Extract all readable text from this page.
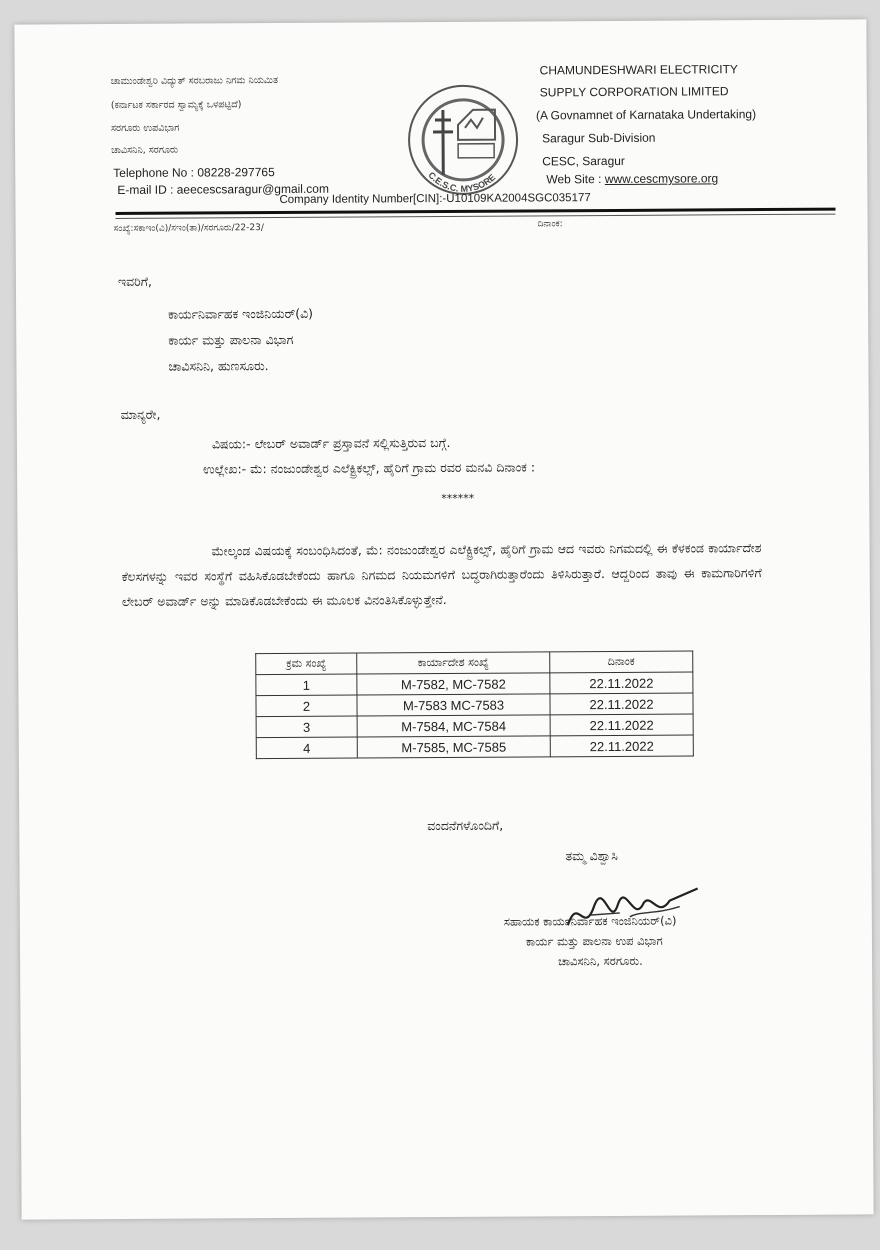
ಚಾಮುಂಡೇಶ್ವರಿ ವಿದ್ಯುತ್ ಸರಬರಾಜು ನಿಗಮ ನಿಯಮಿತ
(ಕರ್ನಾಟಕ ಸರ್ಕಾರದ ಸ್ವಾಮ್ಯಕ್ಕೆ ಒಳಪಟ್ಟಿದೆ)
ಸರಗೂರು ಉಪವಿಭಾಗ
ಚಾವಿಸನಿನಿ, ಸರಗೂರು
Telephone No : 08228-297765
E-mail ID : aeecescsaragur@gmail.com
C.E.S.C. MYSORE
CHAMUNDESHWARI ELECTRICITY
SUPPLY CORPORATION LIMITED
(A Govnamnet of Karnataka Undertaking)
Saragur Sub-Division
CESC, Saragur
Web Site : www.cescmysore.org
Company Identity Number[CIN]:-U10109KA2004SGC035177
ಸಂಖ್ಯೆ:ಸಕಾಇಂ(ವಿ)/ಸಇಂ(ತಾ)/ಸರಗೂರು/22-23/	ದಿನಾಂಕ:
ಇವರಿಗೆ,
ಕಾರ್ಯನಿರ್ವಾಹಕ ಇಂಜಿನಿಯರ್(ವಿ)
ಕಾರ್ಯ ಮತ್ತು ಪಾಲನಾ ವಿಭಾಗ
ಚಾವಿಸನಿನಿ, ಹುಣಸೂರು.
ಮಾನ್ಯರೇ,
ವಿಷಯ:- ಲೇಬರ್ ಅವಾರ್ಡ್ ಪ್ರಸ್ತಾವನೆ ಸಲ್ಲಿಸುತ್ತಿರುವ ಬಗ್ಗೆ.
ಉಲ್ಲೇಖ:- ಮೆ: ನಂಜುಂಡೇಶ್ವರ ಎಲೆಕ್ಟ್ರಿಕಲ್ಸ್, ಹೈರಿಗೆ ಗ್ರಾಮ ರವರ ಮನವಿ ದಿನಾಂಕ :
******
ಮೇಲ್ಕಂಡ ವಿಷಯಕ್ಕೆ ಸಂಬಂಧಿಸಿದಂತೆ, ಮೆ: ನಂಜುಂಡೇಶ್ವರ ಎಲೆಕ್ಟ್ರಿಕಲ್ಸ್, ಹೈರಿಗೆ ಗ್ರಾಮ ಆದ ಇವರು ನಿಗಮದಲ್ಲಿ ಈ ಕೆಳಕಂಡ ಕಾರ್ಯಾದೇಶ ಕೆಲಸಗಳನ್ನು ಇವರ ಸಂಸ್ಥೆಗೆ ವಹಿಸಿಕೊಡಬೇಕೆಂದು ಹಾಗೂ ನಿಗಮದ ನಿಯಮಗಳಿಗೆ ಬದ್ಧರಾಗಿರುತ್ತಾರೆಂದು ತಿಳಿಸಿರುತ್ತಾರೆ. ಆದ್ದರಿಂದ ತಾವು ಈ ಕಾಮಗಾರಿಗಳಿಗೆ ಲೇಬರ್ ಅವಾರ್ಡ್ ಅನ್ನು ಮಾಡಿಕೊಡಬೇಕೆಂದು ಈ ಮೂಲಕ ವಿನಂತಿಸಿಕೊಳ್ಳುತ್ತೇನೆ.
ಕ್ರಮ ಸಂಖ್ಯೆ	ಕಾರ್ಯಾದೇಶ ಸಂಖ್ಯೆ	ದಿನಾಂಕ
1	M-7582, MC-7582	22.11.2022
2	M-7583 MC-7583	22.11.2022
3	M-7584, MC-7584	22.11.2022
4	M-7585, MC-7585	22.11.2022
ವಂದನೆಗಳೊಂದಿಗೆ,
ತಮ್ಮ ವಿಶ್ವಾಸಿ
ಸಹಾಯಕ ಕಾರ್ಯನಿರ್ವಾಹಕ ಇಂಜಿನಿಯರ್(ವಿ)
ಕಾರ್ಯ ಮತ್ತು ಪಾಲನಾ ಉಪ ವಿಭಾಗ
ಚಾವಿಸನಿನಿ, ಸರಗೂರು.
